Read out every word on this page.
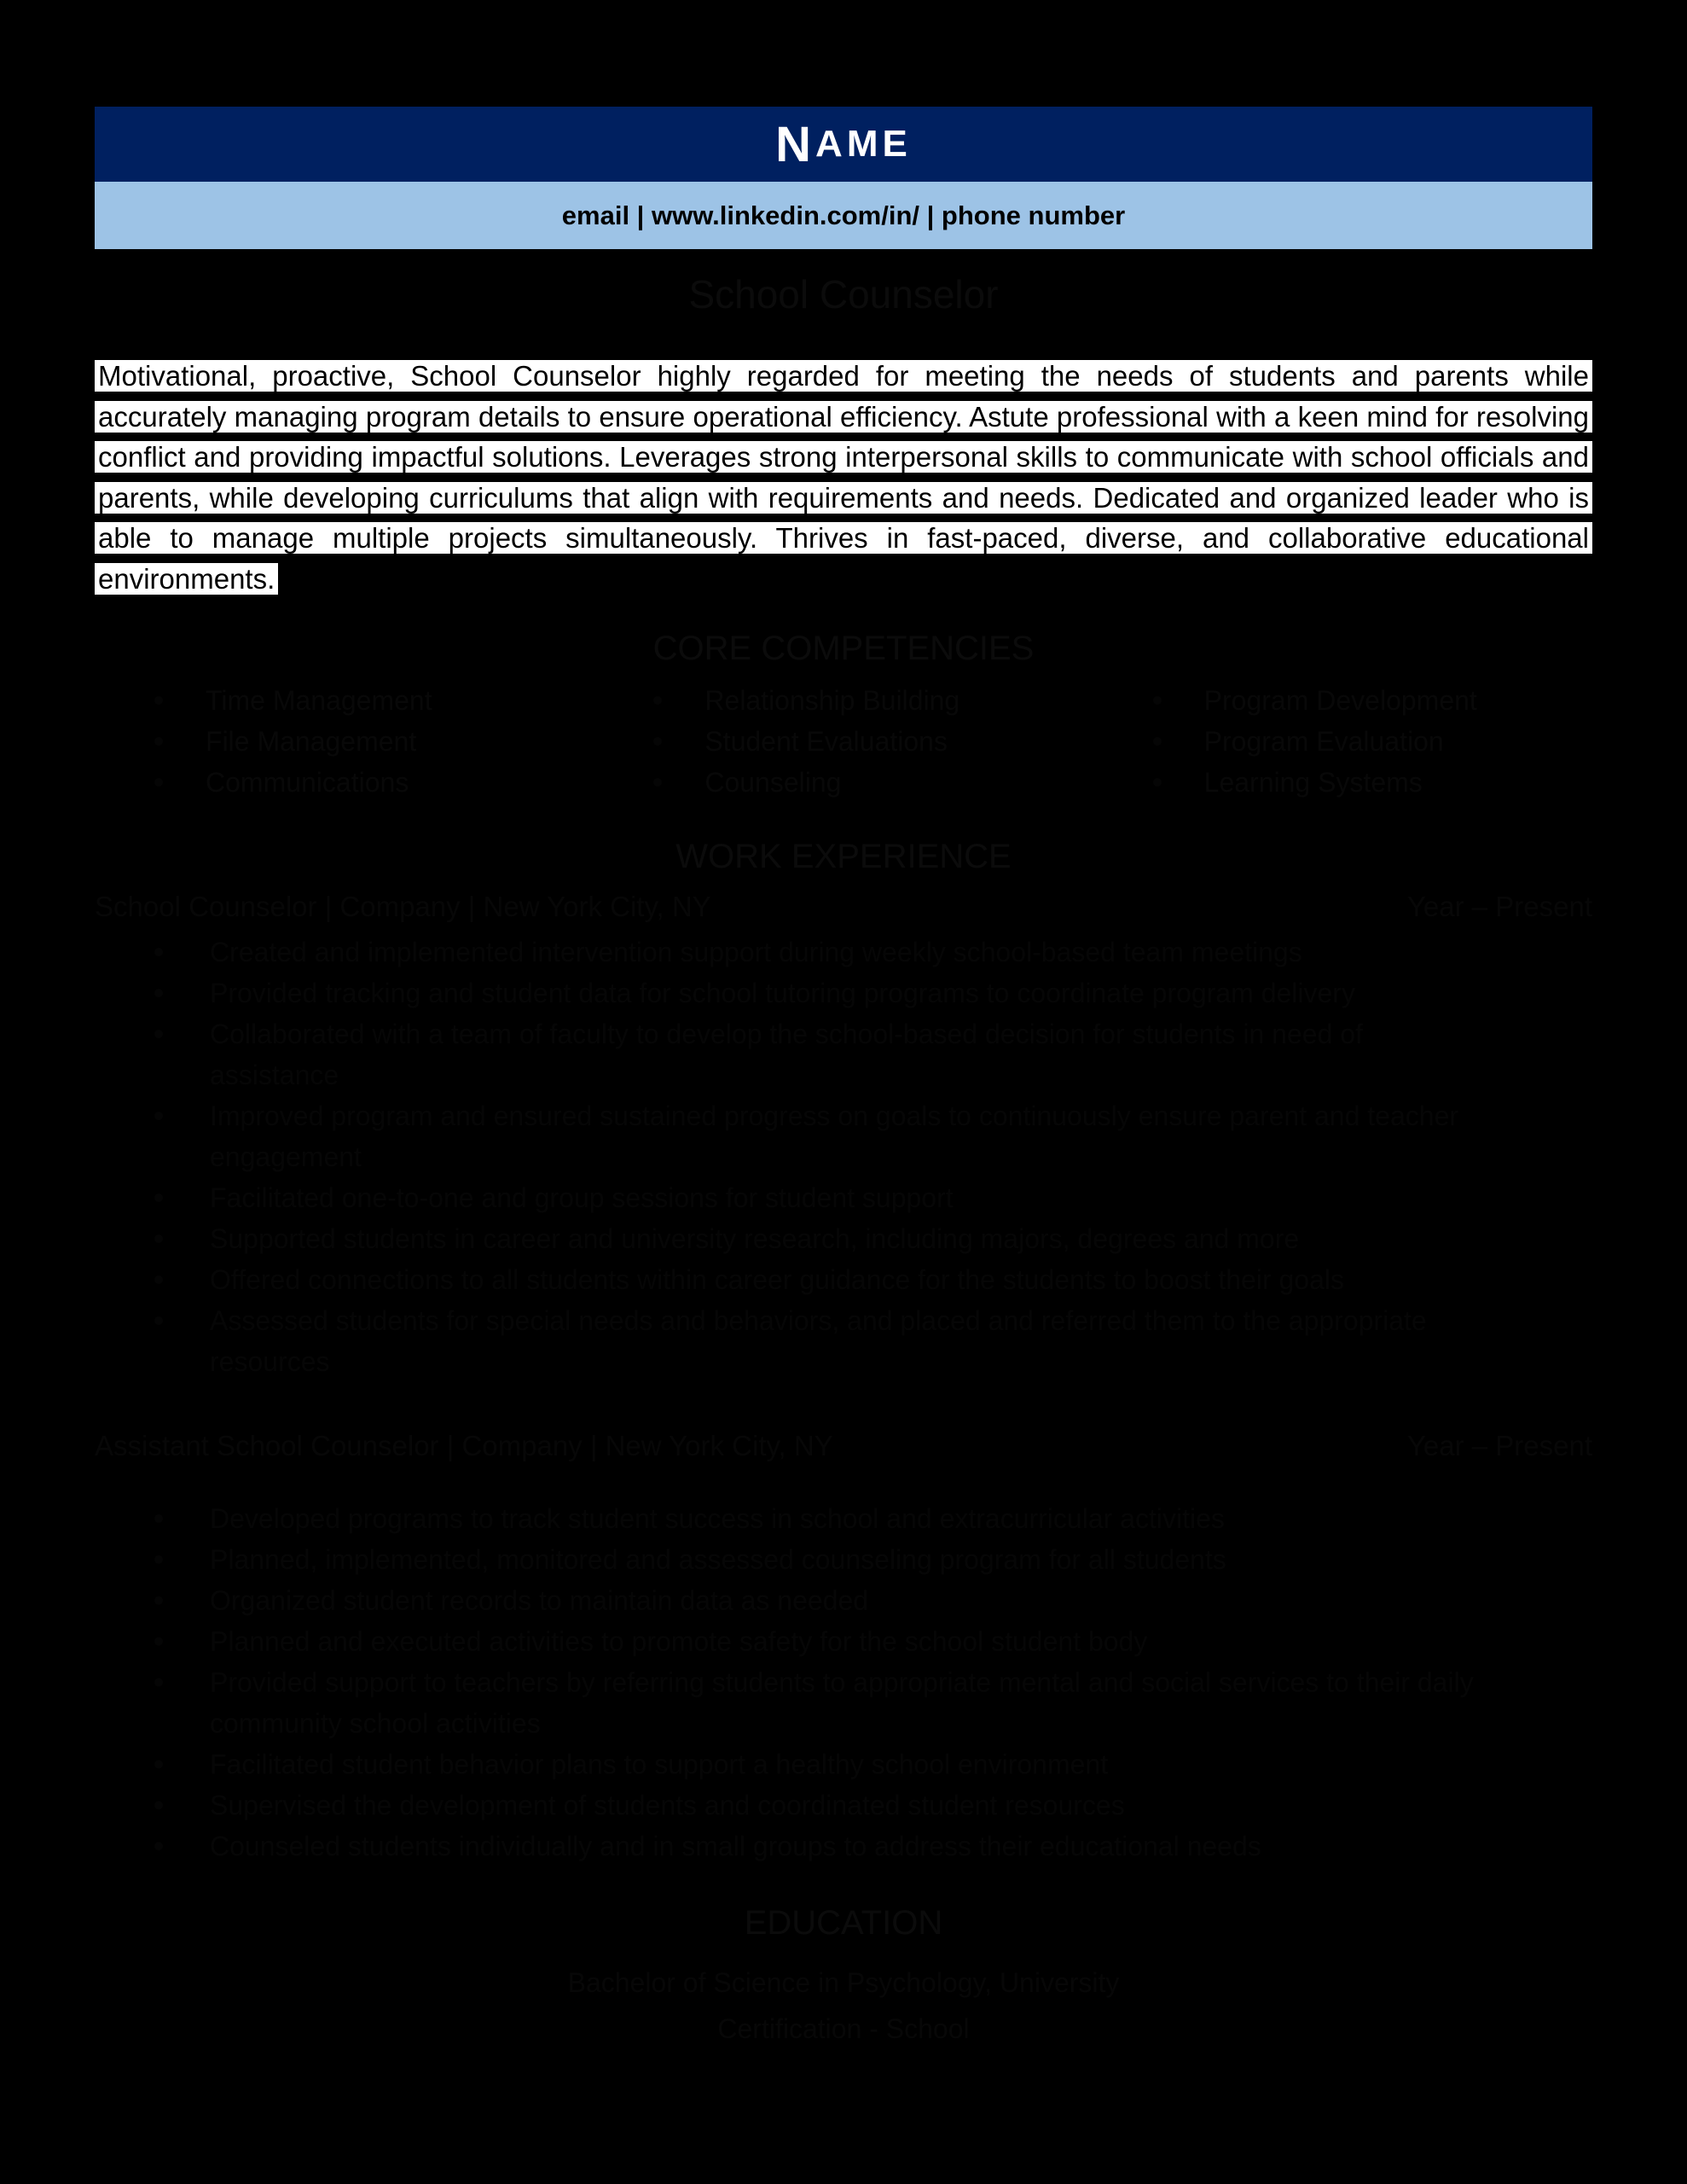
N AME
email | www.linkedin.com/in/ | phone number
School Counselor
Motivational, proactive, School Counselor highly regarded for meeting the needs of students and parents while accurately managing program details to ensure operational efficiency. Astute professional with a keen mind for resolving conflict and providing impactful solutions. Leverages strong interpersonal skills to communicate with school officials and parents, while developing curriculums that align with requirements and needs. Dedicated and organized leader who is able to manage multiple projects simultaneously. Thrives in fast-paced, diverse, and collaborative educational environments.
CORE COMPETENCIES
Time Management	Relationship Building	Program Development
File Management	Student Evaluations	Program Evaluation
Communications	Counseling	Learning Systems
WORK EXPERIENCE
School Counselor | Company | New York City, NY	Year – Present
Created and implemented intervention support during weekly school-based team meetings
Provided tracking and student data for school tutoring programs to coordinate program delivery
Collaborated with a team of faculty to develop the school-based decision for students in need of
assistance
Improved program and ensured sustained progress on goals to continuously ensure parent and teacher
engagement
Facilitated one-to-one and group sessions for student support
Supported students in career and university research, including majors, degrees and more
Offered connections to all students within career guidance for the students to boost their goals
Assessed students for special needs and behaviors, and placed and referred them to the appropriate
resources
Assistant School Counselor | Company | New York City, NY	Year – Present
Developed programs to track student success in school and extracurricular activities
Planned, implemented, monitored and assessed counseling program for all students
Organized student records to maintain data as needed
Planned and executed activities to promote safety for the school student body
Provided support to teachers by referring students to appropriate mental and social services to their daily
community school activities
Facilitated student behavior plans to support a healthy school environment
Supervised the development of students and coordinated student resources
Counseled students individually and in small groups to address their educational needs
EDUCATION
Bachelor of Science in Psychology, University
Certification - School
